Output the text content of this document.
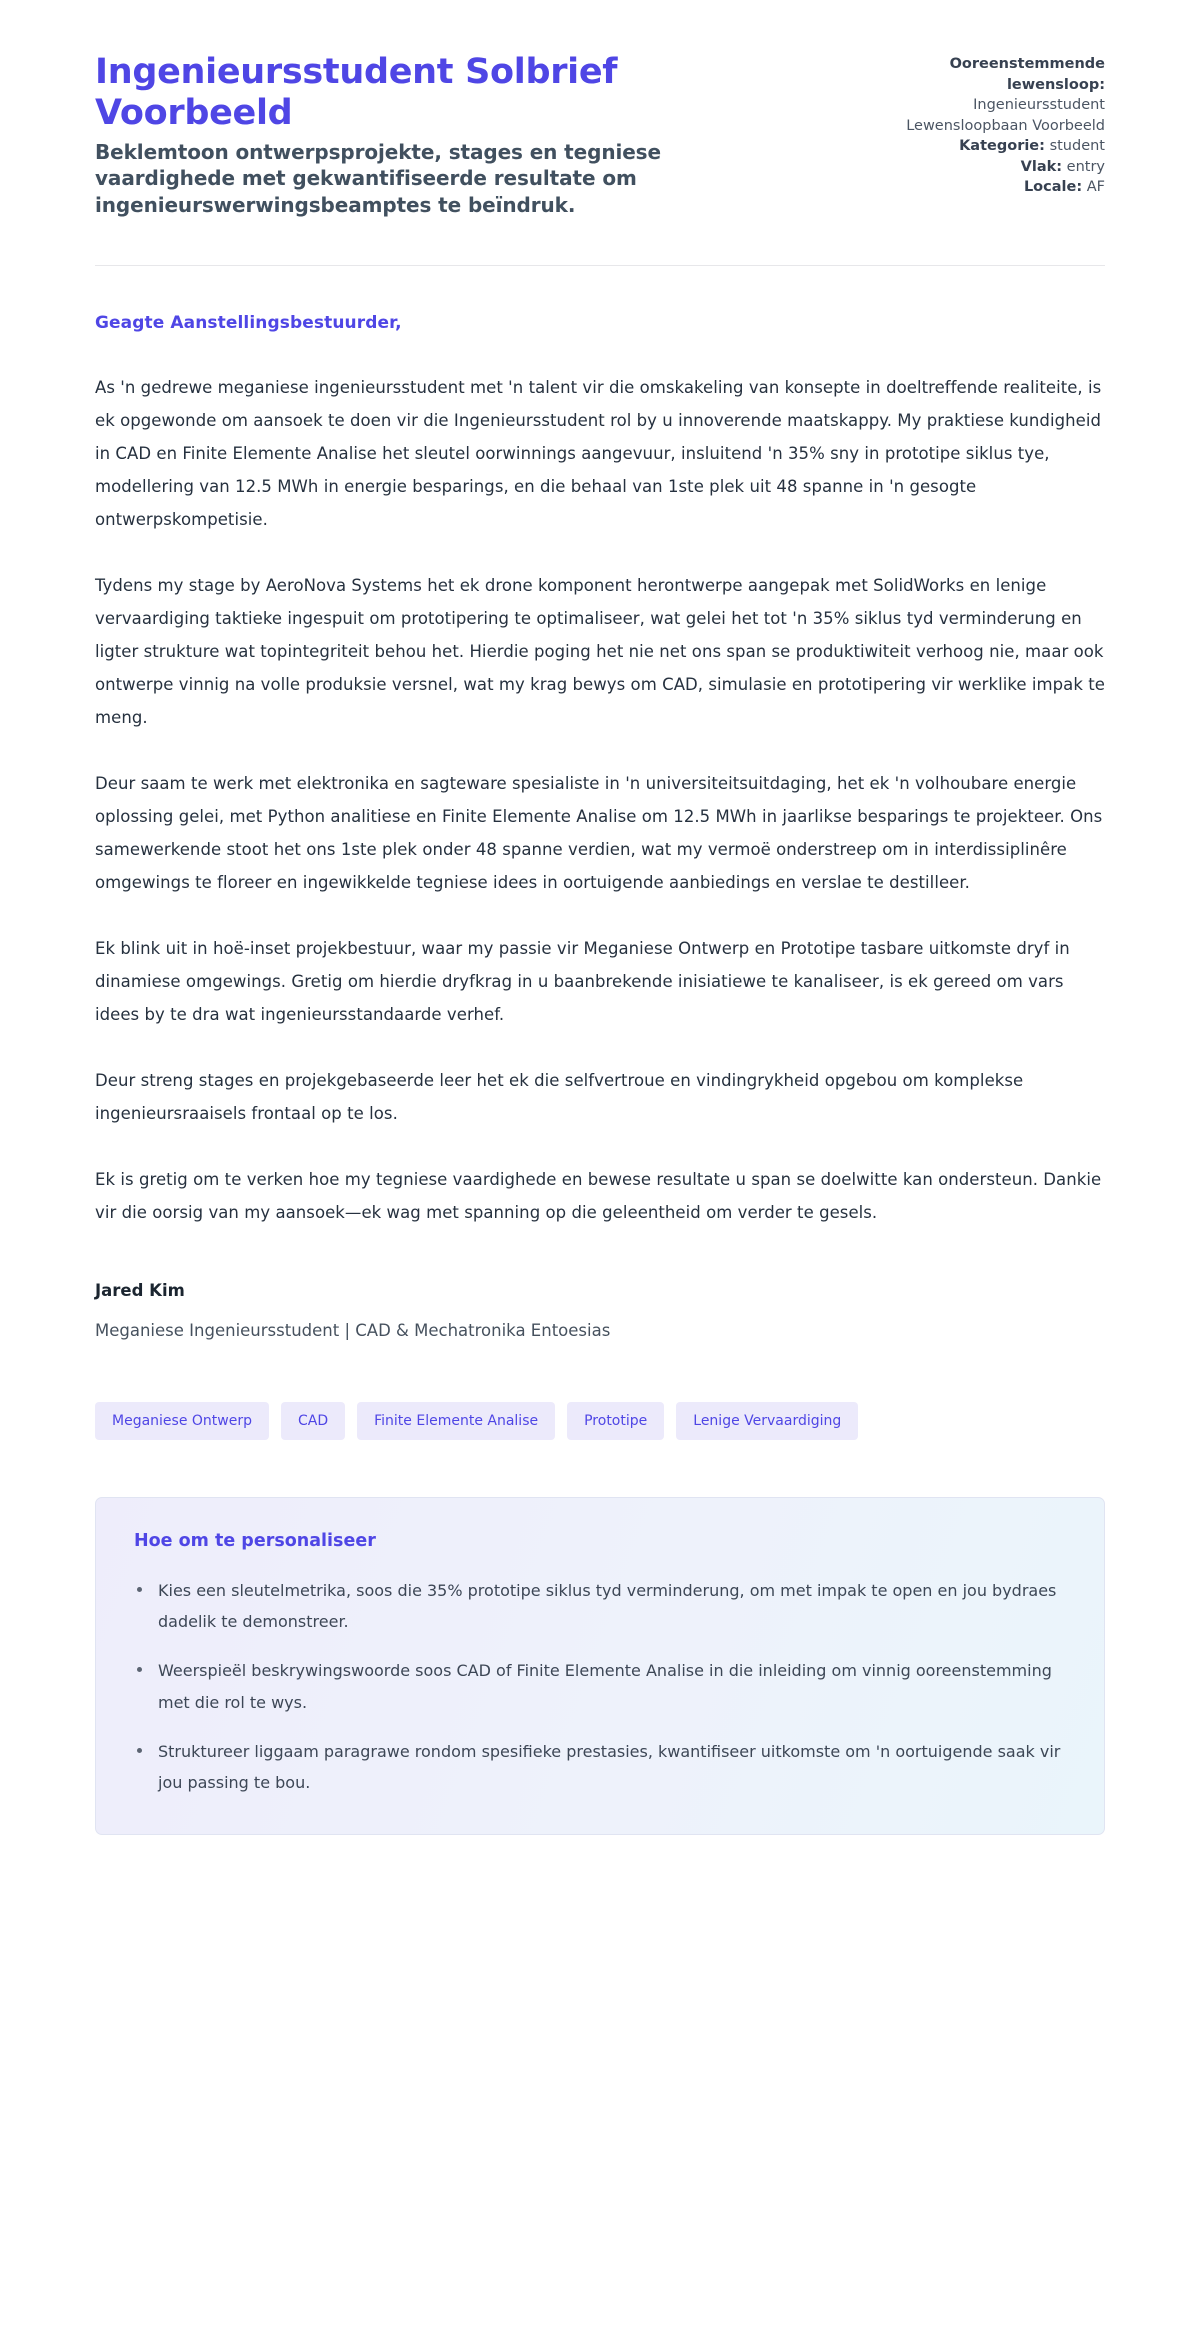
Ingenieursstudent Solbrief Voorbeeld

Beklemtoon ontwerpsprojekte, stages en tegniese vaardighede met gekwantifiseerde resultate om ingenieurswerwingsbeamptes te beïndruk.

Ooreenstemmende lewensloop:
Ingenieursstudent Lewensloopbaan Voorbeeld
Kategorie: student
Vlak: entry
Locale: AF

Geagte Aanstellingsbestuurder,

As 'n gedrewe meganiese ingenieursstudent met 'n talent vir die omskakeling van konsepte in doeltreffende realiteite, is ek opgewonde om aansoek te doen vir die Ingenieursstudent rol by u innoverende maatskappy. My praktiese kundigheid in CAD en Finite Elemente Analise het sleutel oorwinnings aangevuur, insluitend 'n 35% sny in prototipe siklus tye, modellering van 12.5 MWh in energie besparings, en die behaal van 1ste plek uit 48 spanne in 'n gesogte ontwerpskompetisie.

Tydens my stage by AeroNova Systems het ek drone komponent herontwerpe aangepak met SolidWorks en lenige vervaardiging taktieke ingespuit om prototipering te optimaliseer, wat gelei het tot 'n 35% siklus tyd verminderung en ligter strukture wat topintegriteit behou het. Hierdie poging het nie net ons span se produktiwiteit verhoog nie, maar ook ontwerpe vinnig na volle produksie versnel, wat my krag bewys om CAD, simulasie en prototipering vir werklike impak te meng.

Deur saam te werk met elektronika en sagteware spesialiste in 'n universiteitsuitdaging, het ek 'n volhoubare energie oplossing gelei, met Python analitiese en Finite Elemente Analise om 12.5 MWh in jaarlikse besparings te projekteer. Ons samewerkende stoot het ons 1ste plek onder 48 spanne verdien, wat my vermoë onderstreep om in interdissiplinêre omgewings te floreer en ingewikkelde tegniese idees in oortuigende aanbiedings en verslae te destilleer.

Ek blink uit in hoë-inset projekbestuur, waar my passie vir Meganiese Ontwerp en Prototipe tasbare uitkomste dryf in dinamiese omgewings. Gretig om hierdie dryfkrag in u baanbrekende inisiatiewe te kanaliseer, is ek gereed om vars idees by te dra wat ingenieursstandaarde verhef.

Deur streng stages en projekgebaseerde leer het ek die selfvertroue en vindingrykheid opgebou om komplekse ingenieursraaisels frontaal op te los.

Ek is gretig om te verken hoe my tegniese vaardighede en bewese resultate u span se doelwitte kan ondersteun. Dankie vir die oorsig van my aansoek—ek wag met spanning op die geleentheid om verder te gesels.

Jared Kim
Meganiese Ingenieursstudent | CAD & Mechatronika Entoesias
Meganiese Ontwerp	CAD	Finite Elemente Analise	Prototipe	Lenige Vervaardiging
Hoe om te personaliseer
Kies een sleutelmetrika, soos die 35% prototipe siklus tyd verminderung, om met impak te open en jou bydraes dadelik te demonstreer.
Weerspieël beskrywingswoorde soos CAD of Finite Elemente Analise in die inleiding om vinnig ooreenstemming met die rol te wys.
Struktureer liggaam paragrawe rondom spesifieke prestasies, kwantifiseer uitkomste om 'n oortuigende saak vir jou passing te bou.
